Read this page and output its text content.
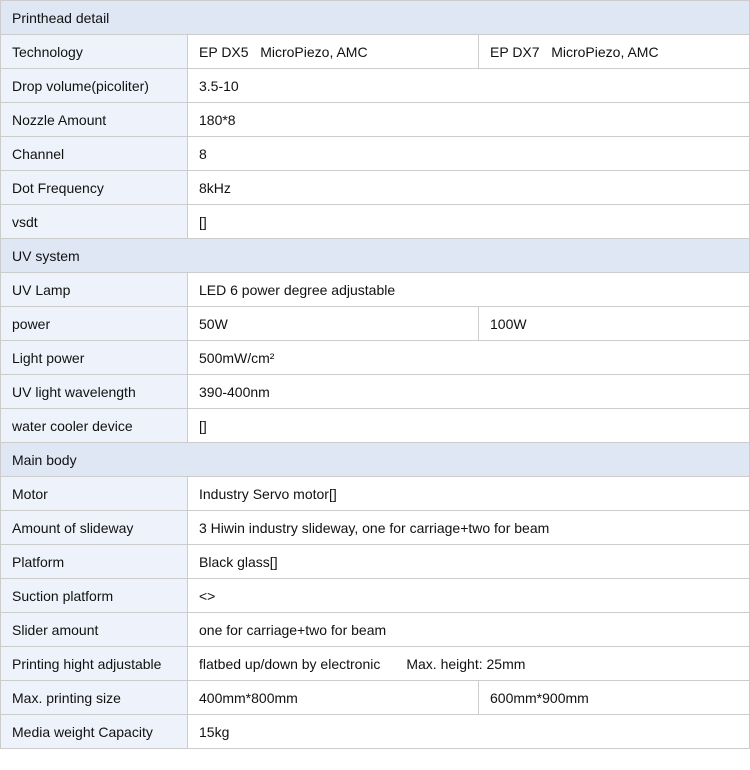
Printhead detail		
Technology	EP DX5   MicroPiezo, AMC	EP DX7   MicroPiezo, AMC
Drop volume(picoliter)	3.5-10	
Nozzle Amount	180*8	
Channel	8	
Dot Frequency	8kHz	
vsdt	[]	
UV system		
UV Lamp	LED 6 power degree adjustable	
power	50W	100W
Light power	500mW/cm²	
UV light wavelength	390-400nm	
water cooler device	[]	
Main body		
Motor	Industry Servo motor[]	
Amount of slideway	3 Hiwin industry slideway, one for carriage+two for beam	
Platform	Black glass[]	
Suction platform	<>	
Slider amount	one for carriage+two for beam	
Printing hight adjustable	flatbed up/down by electronic Max. height: 25mm	
Max. printing size	400mm*800mm	600mm*900mm
Media weight Capacity	15kg	
